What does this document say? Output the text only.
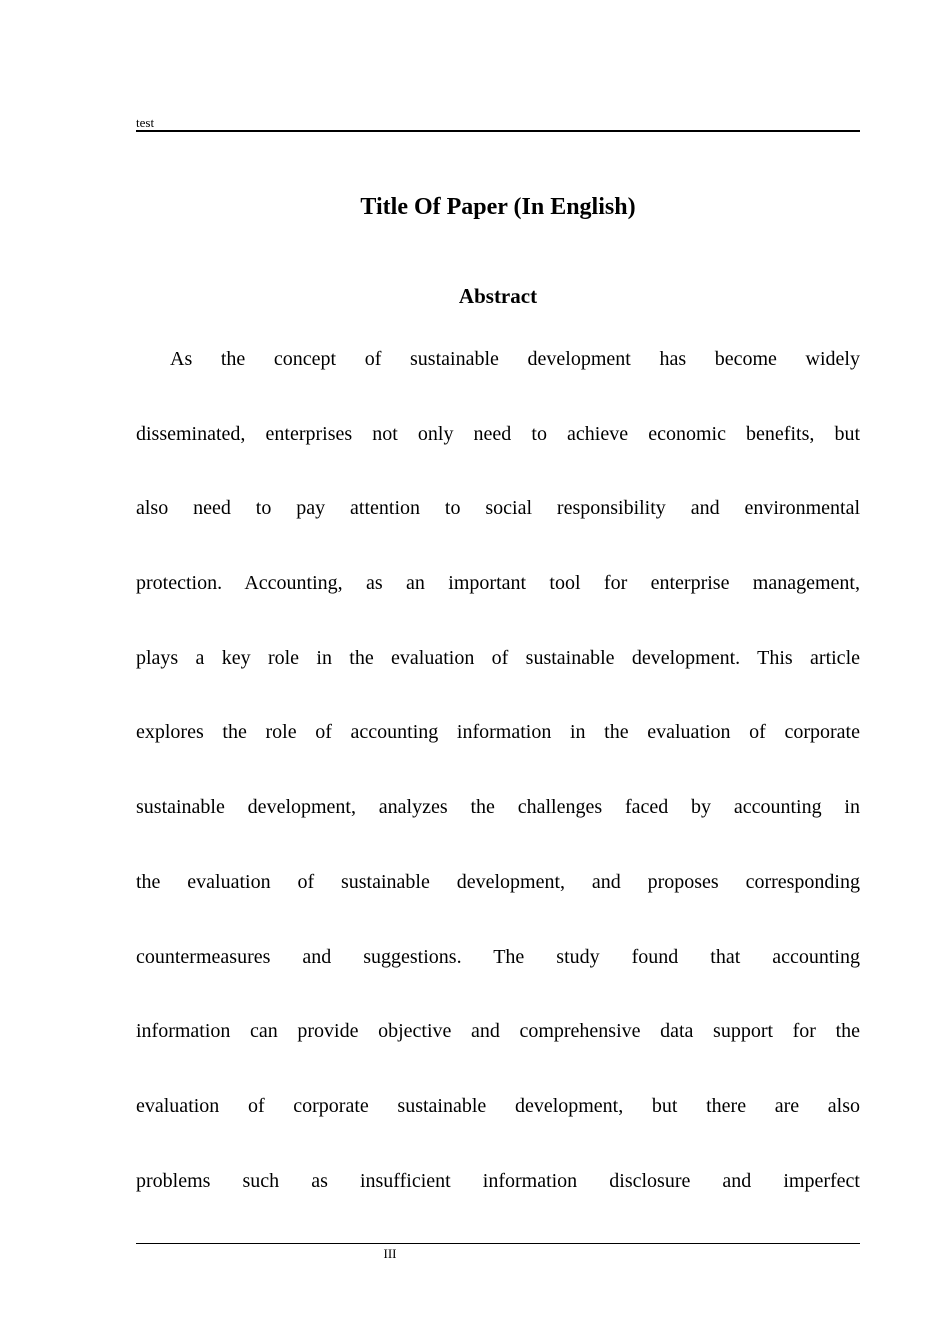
test
Title Of Paper (In English)
Abstract
As the concept of sustainable development has become widely
disseminated, enterprises not only need to achieve economic benefits, but
also need to pay attention to social responsibility and environmental
protection. Accounting, as an important tool for enterprise management,
plays a key role in the evaluation of sustainable development. This article
explores the role of accounting information in the evaluation of corporate
sustainable development, analyzes the challenges faced by accounting in
the evaluation of sustainable development, and proposes corresponding
countermeasures and suggestions. The study found that accounting
information can provide objective and comprehensive data support for the
evaluation of corporate sustainable development, but there are also
problems such as insufficient information disclosure and imperfect
III
